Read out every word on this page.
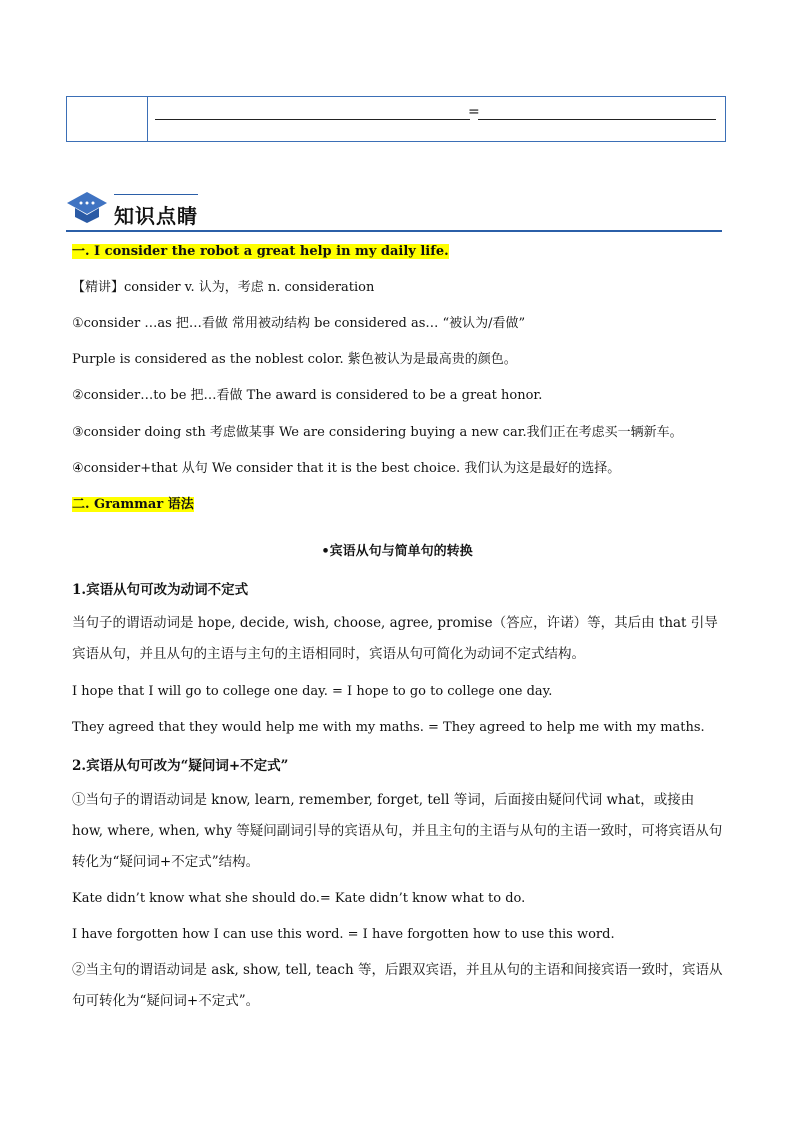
=
知识点睛
一. I consider the robot a great help in my daily life.
【精讲】consider v. 认为，考虑 n. consideration
①consider …as 把…看做 常用被动结构 be considered as… “被认为/看做”
Purple is considered as the noblest color. 紫色被认为是最高贵的颜色。
②consider…to be 把…看做 The award is considered to be a great honor.
③consider doing sth 考虑做某事 We are considering buying a new car.我们正在考虑买一辆新车。
④consider+that 从句 We consider that it is the best choice. 我们认为这是最好的选择。
二. Grammar 语法
•宾语从句与简单句的转换
1.宾语从句可改为动词不定式
当句子的谓语动词是 hope, decide, wish, choose, agree, promise（答应，许诺）等，其后由 that 引导宾语从句，并且从句的主语与主句的主语相同时，宾语从句可简化为动词不定式结构。
I hope that I will go to college one day. = I hope to go to college one day.
They agreed that they would help me with my maths. = They agreed to help me with my maths.
2.宾语从句可改为“疑问词+不定式”
①当句子的谓语动词是 know, learn, remember, forget, tell 等词，后面接由疑问代词 what，或接由 how, where, when, why 等疑问副词引导的宾语从句，并且主句的主语与从句的主语一致时，可将宾语从句转化为“疑问词+不定式”结构。
Kate didn’t know what she should do.= Kate didn’t know what to do.
I have forgotten how I can use this word. = I have forgotten how to use this word.
②当主句的谓语动词是 ask, show, tell, teach 等，后跟双宾语，并且从句的主语和间接宾语一致时，宾语从句可转化为“疑问词+不定式”。
